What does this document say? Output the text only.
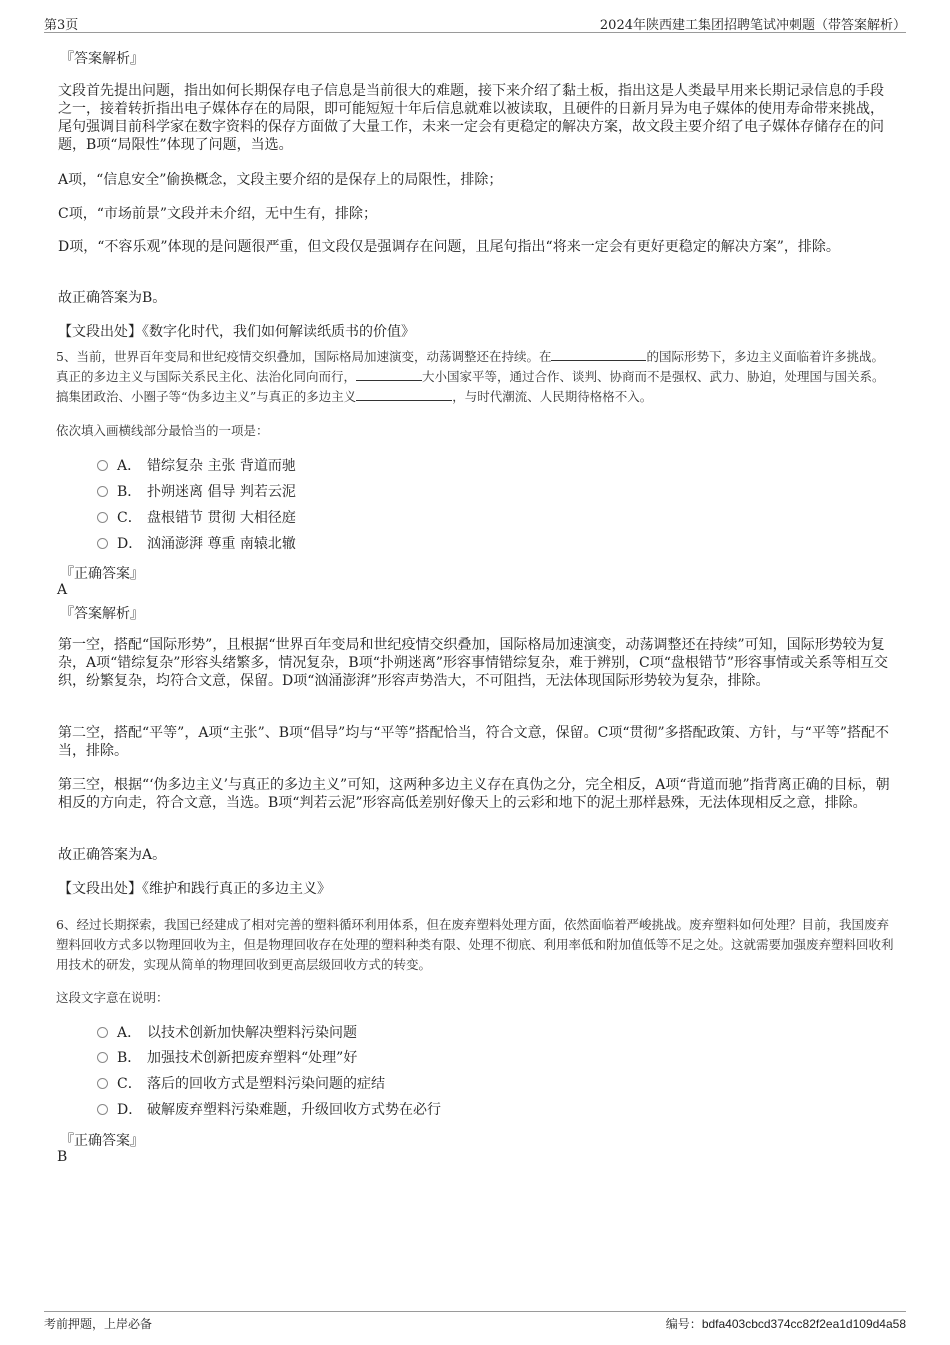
第3页	2024年陕西建工集团招聘笔试冲刺题（带答案解析）
『答案解析』
文段首先提出问题，指出如何长期保存电子信息是当前很大的难题，接下来介绍了黏土板，指出这是人类最早用来长期记录信息的手段之一，接着转折指出电子媒体存在的局限，即可能短短十年后信息就难以被读取，且硬件的日新月异为电子媒体的使用寿命带来挑战，尾句强调目前科学家在数字资料的保存方面做了大量工作，未来一定会有更稳定的解决方案，故文段主要介绍了电子媒体存储存在的问题，B项“局限性”体现了问题，当选。
A项，“信息安全”偷换概念，文段主要介绍的是保存上的局限性，排除；
C项，“市场前景”文段并未介绍，无中生有，排除；
D项，“不容乐观”体现的是问题很严重，但文段仅是强调存在问题，且尾句指出“将来一定会有更好更稳定的解决方案”，排除。
故正确答案为B。
【文段出处】《数字化时代，我们如何解读纸质书的价值》
5、当前，世界百年变局和世纪疫情交织叠加，国际格局加速演变，动荡调整还在持续。在	的国际形势下，多边主义面临着许多挑战。真正的多边主义与国际关系民主化、法治化同向而行，	大小国家平等，通过合作、谈判、协商而不是强权、武力、胁迫，处理国与国关系。搞集团政治、小圈子等“伪多边主义”与真正的多边主义	，与时代潮流、人民期待格格不入。
依次填入画横线部分最恰当的一项是：
A． 错综复杂 主张 背道而驰
B． 扑朔迷离 倡导 判若云泥
C． 盘根错节 贯彻 大相径庭
D． 汹涌澎湃 尊重 南辕北辙
『正确答案』
A
『答案解析』
第一空，搭配“国际形势”，且根据“世界百年变局和世纪疫情交织叠加，国际格局加速演变，动荡调整还在持续”可知，国际形势较为复杂，A项“错综复杂”形容头绪繁多，情况复杂，B项“扑朔迷离”形容事情错综复杂，难于辨别，C项“盘根错节”形容事情或关系等相互交织，纷繁复杂，均符合文意，保留。D项“汹涌澎湃”形容声势浩大，不可阻挡，无法体现国际形势较为复杂，排除。
第二空，搭配“平等”，A项“主张”、B项“倡导”均与“平等”搭配恰当，符合文意，保留。C项“贯彻”多搭配政策、方针，与“平等”搭配不当，排除。
第三空，根据“‘伪多边主义’与真正的多边主义”可知，这两种多边主义存在真伪之分，完全相反，A项“背道而驰”指背离正确的目标，朝相反的方向走，符合文意，当选。B项“判若云泥”形容高低差别好像天上的云彩和地下的泥土那样悬殊，无法体现相反之意，排除。
故正确答案为A。
【文段出处】《维护和践行真正的多边主义》
6、经过长期探索，我国已经建成了相对完善的塑料循环利用体系，但在废弃塑料处理方面，依然面临着严峻挑战。废弃塑料如何处理？目前，我国废弃塑料回收方式多以物理回收为主，但是物理回收存在处理的塑料种类有限、处理不彻底、利用率低和附加值低等不足之处。这就需要加强废弃塑料回收利用技术的研发，实现从简单的物理回收到更高层级回收方式的转变。
这段文字意在说明：
A． 以技术创新加快解决塑料污染问题
B． 加强技术创新把废弃塑料“处理”好
C． 落后的回收方式是塑料污染问题的症结
D． 破解废弃塑料污染难题，升级回收方式势在必行
『正确答案』
B
考前押题，上岸必备	编号：bdfa403cbcd374cc82f2ea1d109d4a58
